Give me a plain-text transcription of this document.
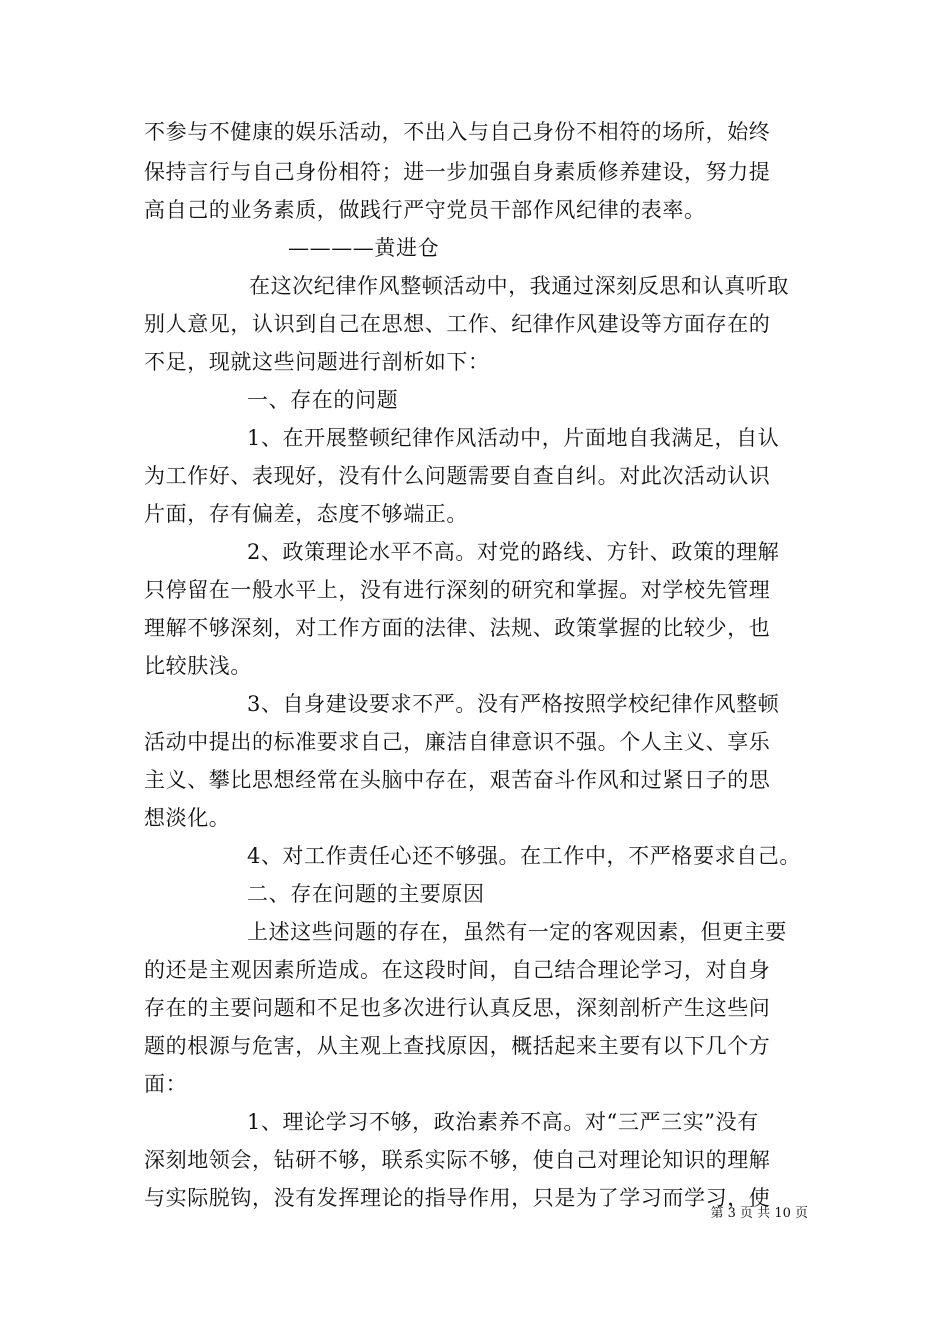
不参与不健康的娱乐活动，不出入与自己身份不相符的场所，始终
保持言行与自己身份相符；进一步加强自身素质修养建设，努力提
高自己的业务素质，做践行严守党员干部作风纪律的表率。
————黄进仓
在这次纪律作风整顿活动中，我通过深刻反思和认真听取
别人意见，认识到自己在思想、工作、纪律作风建设等方面存在的
不足，现就这些问题进行剖析如下：
一、存在的问题
1、在开展整顿纪律作风活动中，片面地自我满足，自认
为工作好、表现好，没有什么问题需要自查自纠。对此次活动认识
片面，存有偏差，态度不够端正。
2、政策理论水平不高。对党的路线、方针、政策的理解
只停留在一般水平上，没有进行深刻的研究和掌握。对学校先管理
理解不够深刻，对工作方面的法律、法规、政策掌握的比较少，也
比较肤浅。
3、自身建设要求不严。没有严格按照学校纪律作风整顿
活动中提出的标准要求自己，廉洁自律意识不强。个人主义、享乐
主义、攀比思想经常在头脑中存在，艰苦奋斗作风和过紧日子的思
想淡化。
4、对工作责任心还不够强。在工作中，不严格要求自己。
二、存在问题的主要原因
上述这些问题的存在，虽然有一定的客观因素，但更主要
的还是主观因素所造成。在这段时间，自己结合理论学习，对自身
存在的主要问题和不足也多次进行认真反思，深刻剖析产生这些问
题的根源与危害，从主观上查找原因，概括起来主要有以下几个方
面：
1、理论学习不够，政治素养不高。对“三严三实”没有
深刻地领会，钻研不够，联系实际不够，使自己对理论知识的理解
与实际脱钩，没有发挥理论的指导作用，只是为了学习而学习，使
第 3 页 共 10 页
